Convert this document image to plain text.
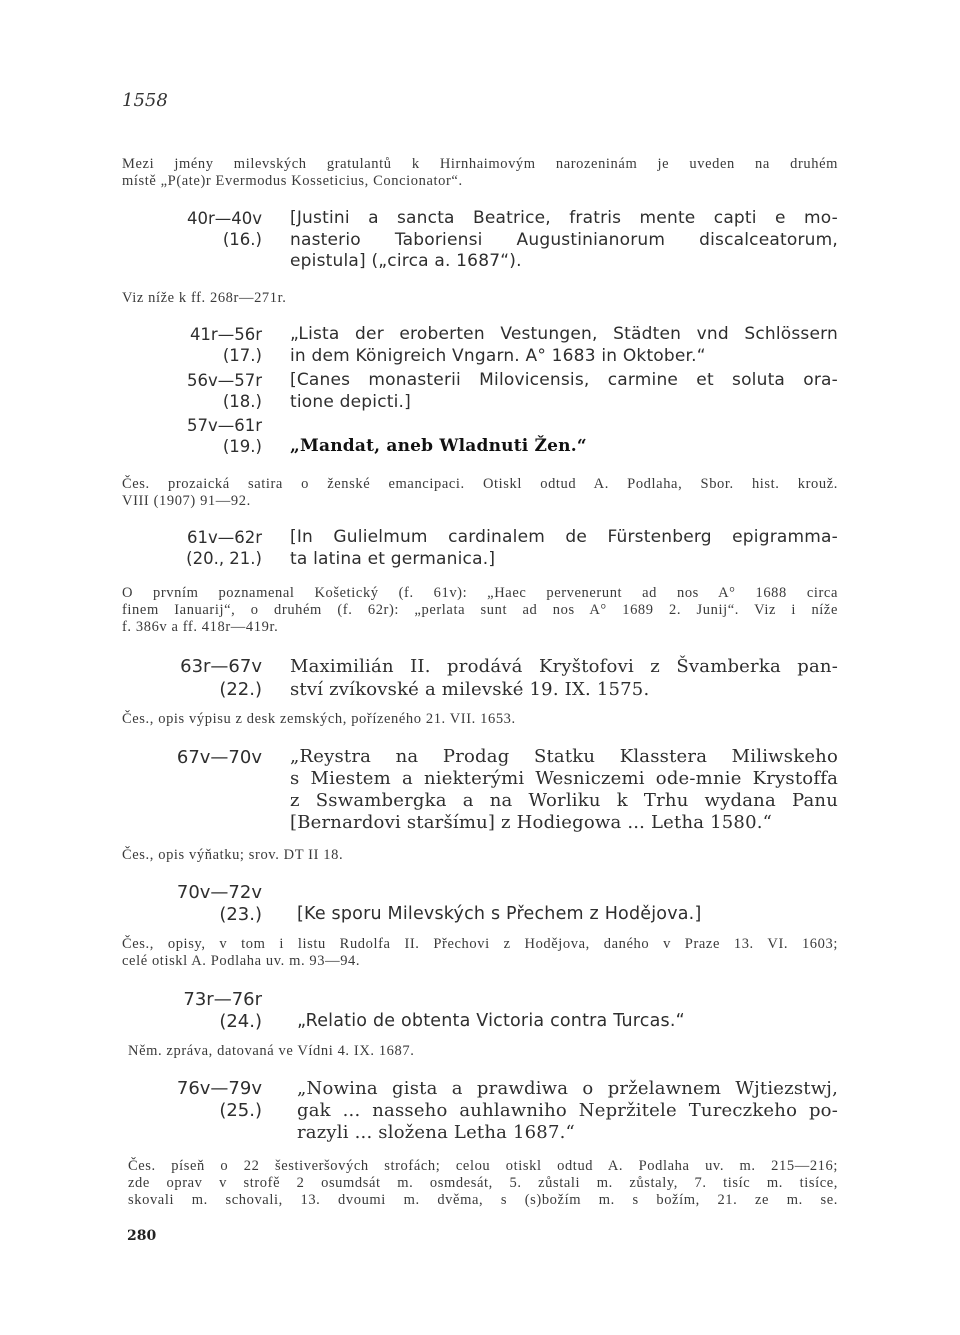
1558
Mezi jmény milevských gratulantů k Hirnhaimovým narozeninám je uveden na druhém
místě „P(ate)r Evermodus Kosseticius, Concionator“.
40r—40v
(16.)
[Justini a sancta Beatrice, fratris mente capti e mo-
nasterio Taboriensi Augustinianorum discalceatorum,
epistula] („circa a. 1687“).
Viz níže k ff. 268r—271r.
41r—56r
(17.)
„Lista der eroberten Vestungen, Städten vnd Schlössern
in dem Königreich Vngarn. A° 1683 in Oktober.“
56v—57r
(18.)
[Canes monasterii Milovicensis, carmine et soluta ora-
tione depicti.]
57v—61r
(19.) „Mandat, aneb Wladnuti Žen.“
Čes. prozaická satira o ženské emancipaci. Otiskl odtud A. Podlaha, Sbor. hist. krouž.
VIII (1907) 91—92.
61v—62r
(20., 21.)
[In Gulielmum cardinalem de Fürstenberg epigramma-
ta latina et germanica.]
O prvním poznamenal Košetický (f. 61v): „Haec pervenerunt ad nos A° 1688 circa
finem Ianuarij“, o druhém (f. 62r): „perlata sunt ad nos A° 1689 2. Junij“. Viz i níže
f. 386v a ff. 418r—419r.
63r—67v
(22.)
Maximilián II. prodává Kryštofovi z Švamberka pan-
ství zvíkovské a milevské 19. IX. 1575.
Čes., opis výpisu z desk zemských, pořízeného 21. VII. 1653.
67v—70v „Reystra na Prodag Statku Klasstera Miliwskeho
s Miestem a niekterými Wesniczemi ode-mnie Krystoffa
z Sswambergka a na Worliku k Trhu wydana Panu
[Bernardovi staršímu] z Hodiegowa ... Letha 1580.“
Čes., opis výňatku; srov. DT II 18.
70v—72v
(23.) [Ke sporu Milevských s Přechem z Hodějova.]
Čes., opisy, v tom i listu Rudolfa II. Přechovi z Hodějova, daného v Praze 13. VI. 1603;
celé otiskl A. Podlaha uv. m. 93—94.
73r—76r
(24.) „Relatio de obtenta Victoria contra Turcas.“
Něm. zpráva, datovaná ve Vídni 4. IX. 1687.
76v—79v
(25.)
„Nowina gista a prawdiwa o prželawnem Wjtiezstwj,
gak ... nasseho auhlawniho Nepržitele Tureczkeho po-
razyli ... složena Letha 1687.“
Čes. píseň o 22 šestiveršových strofách; celou otiskl odtud A. Podlaha uv. m. 215—216;
zde oprav v strofě 2 osumdsát m. osmdesát, 5. zůstali m. zůstaly, 7. tisíc m. tisíce,
skovali m. schovali, 13. dvoumi m. dvěma, s (s)božím m. s božím, 21. ze m. se.
280
